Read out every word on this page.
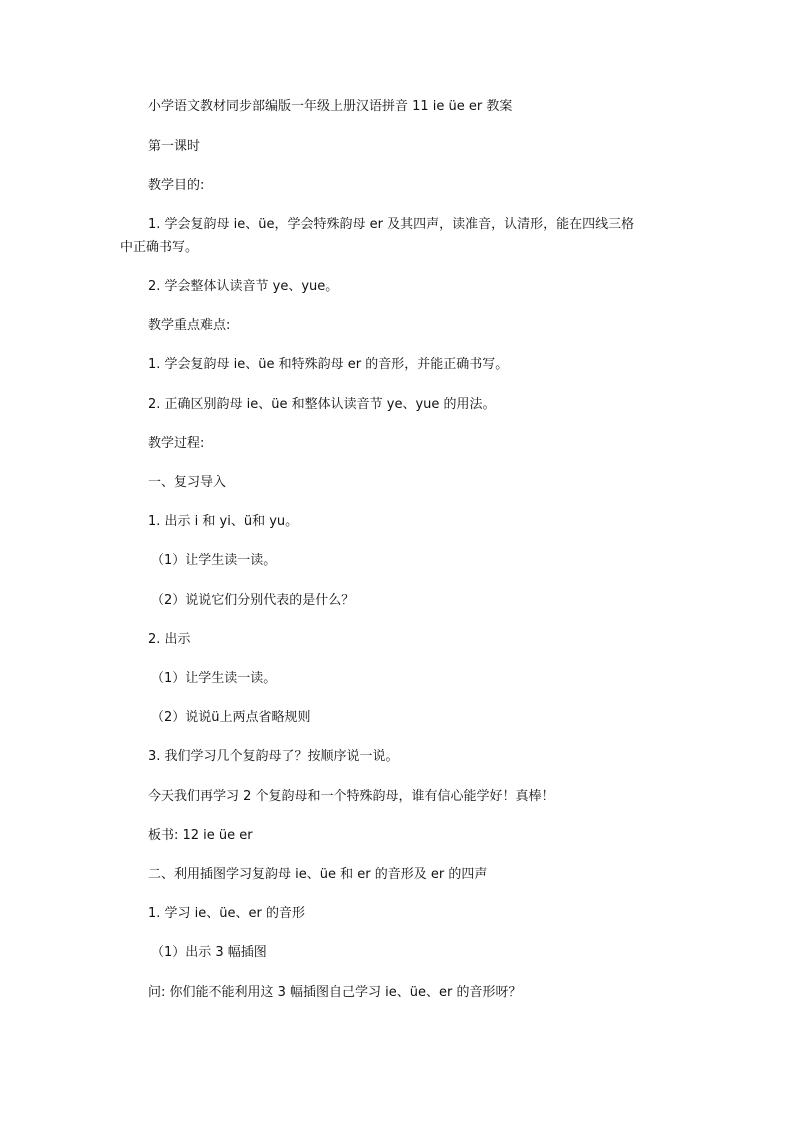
小学语文教材同步部编版一年级上册汉语拼音 11 ie üe er 教案
第一课时
教学目的:
1. 学会复韵母 ie、üe，学会特殊韵母 er 及其四声，读准音，认清形，能在四线三格
中正确书写。
2. 学会整体认读音节 ye、yue。
教学重点难点:
1. 学会复韵母 ie、üe 和特殊韵母 er 的音形，并能正确书写。
2. 正确区别韵母 ie、üe 和整体认读音节 ye、yue 的用法。
教学过程:
一、复习导入
1. 出示 i 和 yi、ü和 yu。
（1）让学生读一读。
（2）说说它们分别代表的是什么？
2. 出示
（1）让学生读一读。
（2）说说ü上两点省略规则
3. 我们学习几个复韵母了？按顺序说一说。
今天我们再学习 2 个复韵母和一个特殊韵母，谁有信心能学好！真棒！
板书: 12 ie üe er
二、利用插图学习复韵母 ie、üe 和 er 的音形及 er 的四声
1. 学习 ie、üe、er 的音形
（1）出示 3 幅插图
问: 你们能不能利用这 3 幅插图自己学习 ie、üe、er 的音形呀？
